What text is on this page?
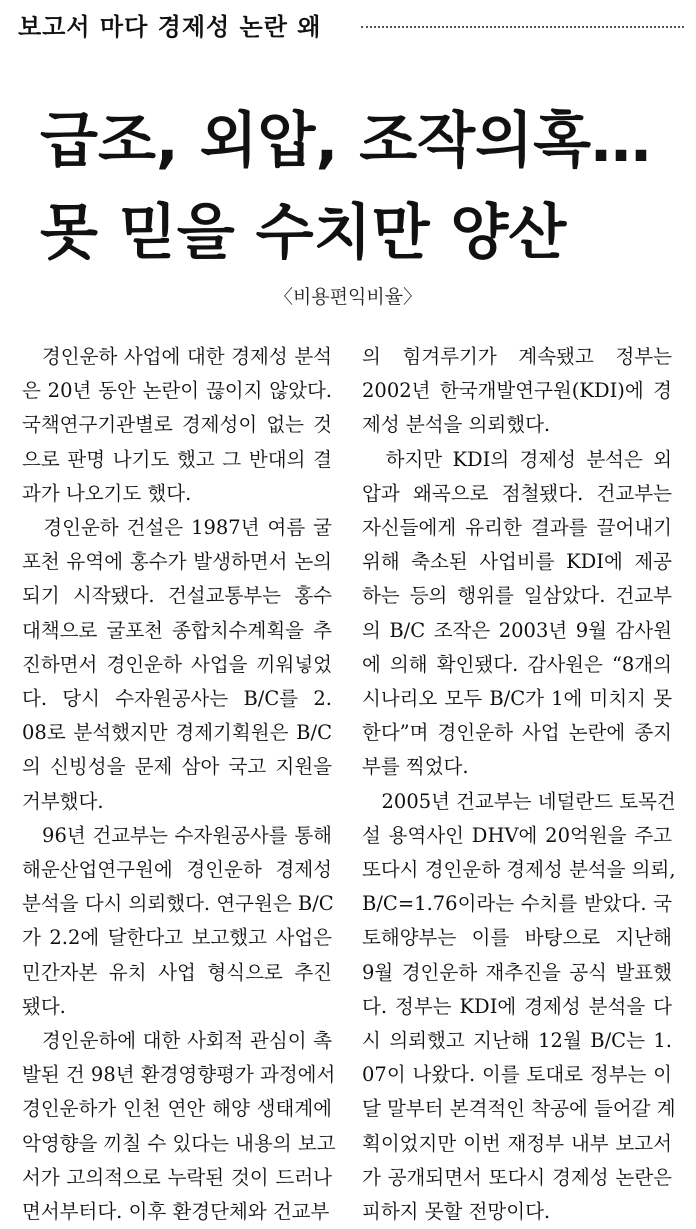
보고서 마다 경제성 논란 왜
급조, 외압, 조작의혹…
못 믿을 수치만 양산
〈비용편익비율〉

　경인운하 사업에 대한 경제성 분석
은 20년 동안 논란이 끊이지 않았다.
국책연구기관별로 경제성이 없는 것
으로 판명 나기도 했고 그 반대의 결
과가 나오기도 했다.

　경인운하 건설은 1987년 여름 굴
포천 유역에 홍수가 발생하면서 논의
되기 시작됐다. 건설교통부는 홍수
대책으로 굴포천 종합치수계획을 추
진하면서 경인운하 사업을 끼워넣었
다. 당시 수자원공사는 B/C를 2.
08로 분석했지만 경제기획원은 B/C
의 신빙성을 문제 삼아 국고 지원을
거부했다.

　96년 건교부는 수자원공사를 통해
해운산업연구원에 경인운하 경제성
분석을 다시 의뢰했다. 연구원은 B/C
가 2.2에 달한다고 보고했고 사업은
민간자본 유치 사업 형식으로 추진
됐다.

　경인운하에 대한 사회적 관심이 촉
발된 건 98년 환경영향평가 과정에서
경인운하가 인천 연안 해양 생태계에
악영향을 끼칠 수 있다는 내용의 보고
서가 고의적으로 누락된 것이 드러나
면서부터다. 이후 환경단체와 건교부

의 힘겨루기가 계속됐고 정부는
2002년 한국개발연구원(KDI)에 경
제성 분석을 의뢰했다.

　하지만 KDI의 경제성 분석은 외
압과 왜곡으로 점철됐다. 건교부는
자신들에게 유리한 결과를 끌어내기
위해 축소된 사업비를 KDI에 제공
하는 등의 행위를 일삼았다. 건교부
의 B/C 조작은 2003년 9월 감사원
에 의해 확인됐다. 감사원은 “8개의
시나리오 모두 B/C가 1에 미치지 못
한다”며 경인운하 사업 논란에 종지
부를 찍었다.

　2005년 건교부는 네덜란드 토목건
설 용역사인 DHV에 20억원을 주고
또다시 경인운하 경제성 분석을 의뢰,
B/C=1.76이라는 수치를 받았다. 국
토해양부는 이를 바탕으로 지난해
9월 경인운하 재추진을 공식 발표했
다. 정부는 KDI에 경제성 분석을 다
시 의뢰했고 지난해 12월 B/C는 1.
07이 나왔다. 이를 토대로 정부는 이
달 말부터 본격적인 착공에 들어갈 계
획이었지만 이번 재정부 내부 보고서
가 공개되면서 또다시 경제성 논란은
피하지 못할 전망이다.
